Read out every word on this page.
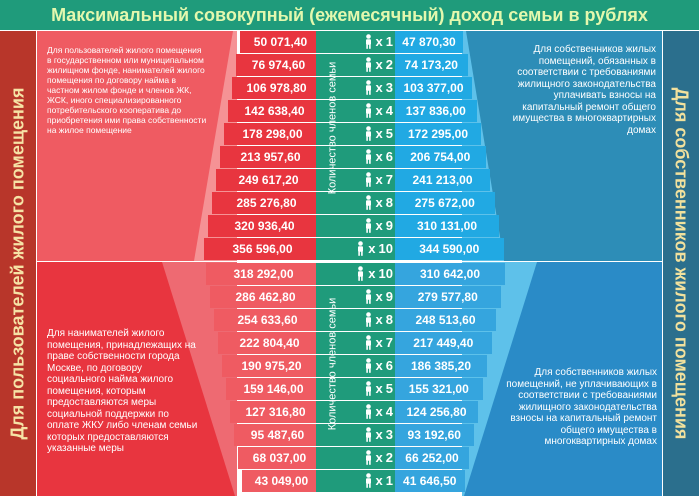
Максимальный совокупный (ежемесячный) доход семьи в рублях
Для пользователей жилого помещения	Для собственников жилого помещения
Для пользователей жилого помещения в государственном или муниципальном жилищном фонде, нанимателей жилого помещения по договору найма в частном жилом фонде и членов ЖК, ЖСК, иного специализированного потребительского кооператива до приобретения ими права собственности на жилое помещение
Для нанимателей жилого помещения, принадлежащих на праве собственности города Москве, по договору социального найма жилого помещения, которым предоставляются меры социальной поддержки по оплате ЖКУ либо членам семьи которых предоставляются указанные меры
Для собственников жилых помещений, обязанных в соответствии с требованиями жилищного законодательства уплачивать взносы на капитальный ремонт общего имущества в многоквартирных домах
Для собственников жилых помещений, не уплачивающих в соответствии с требованиями жилищного законодательства взносы на капитальный ремонт общего имущества в многоквартирных домах
50 071,40	x 1 47 870,30
76 974,60	x 2 74 173,20
106 978,80	x 3 103 377,00
142 638,40	x 4	137 836,00
178 298,00	x 5	172 295,00
213 957,60	x 6	206 754,00
249 617,20	x 7	241 213,00
285 276,80	x 8	275 672,00
320 936,40	x 9	310 131,00
356 596,00	x 10	344 590,00
318 292,00	x 10	310 642,00
286 462,80	x 9	279 577,80
254 633,60	x 8	248 513,60
222 804,40	x 7	217 449,40
190 975,20	x 6	186 385,20
159 146,00	x 5	155 321,00
127 316,80	x 4	124 256,80
95 487,60	x 3	93 192,60
68 037,00	x 2	66 252,00
43 049,00	x 1 41 646,50
Количество членов семьи
Количество членов семьи
